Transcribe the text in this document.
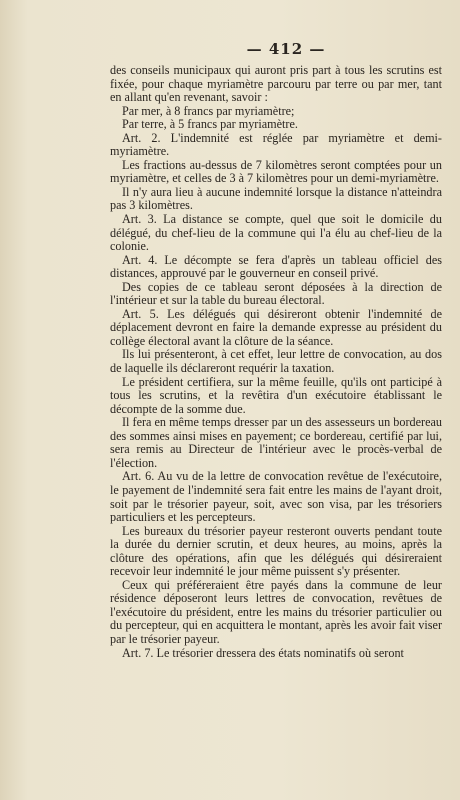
— 412 —

des conseils municipaux qui auront pris part à tous les scrutins est fixée, pour chaque myriamètre parcouru par terre ou par mer, tant en allant qu'en revenant, savoir :

Par mer, à 8 francs par myriamètre;

Par terre, à 5 francs par myriamètre.

Art. 2. L'indemnité est réglée par myriamètre et demi-myriamètre.

Les fractions au-dessus de 7 kilomètres seront comptées pour un myriamètre, et celles de 3 à 7 kilomètres pour un demi-myriamètre.

Il n'y aura lieu à aucune indemnité lorsque la distance n'atteindra pas 3 kilomètres.

Art. 3. La distance se compte, quel que soit le domicile du délégué, du chef-lieu de la commune qui l'a élu au chef-lieu de la colonie.

Art. 4. Le décompte se fera d'après un tableau officiel des distances, approuvé par le gouverneur en conseil privé.

Des copies de ce tableau seront déposées à la direction de l'intérieur et sur la table du bureau électoral.

Art. 5. Les délégués qui désireront obtenir l'indemnité de déplacement devront en faire la demande expresse au président du collège électoral avant la clôture de la séance.

Ils lui présenteront, à cet effet, leur lettre de convocation, au dos de laquelle ils déclareront requérir la taxation.

Le président certifiera, sur la même feuille, qu'ils ont participé à tous les scrutins, et la revêtira d'un exécutoire établissant le décompte de la somme due.

Il fera en même temps dresser par un des assesseurs un bordereau des sommes ainsi mises en payement; ce bordereau, certifié par lui, sera remis au Directeur de l'intérieur avec le procès-verbal de l'élection.

Art. 6. Au vu de la lettre de convocation revêtue de l'exécutoire, le payement de l'indemnité sera fait entre les mains de l'ayant droit, soit par le trésorier payeur, soit, avec son visa, par les trésoriers particuliers et les percepteurs.

Les bureaux du trésorier payeur resteront ouverts pendant toute la durée du dernier scrutin, et deux heures, au moins, après la clôture des opérations, afin que les délégués qui désireraient recevoir leur indemnité le jour même puissent s'y présenter.

Ceux qui préféreraient être payés dans la commune de leur résidence déposeront leurs lettres de convocation, revêtues de l'exécutoire du président, entre les mains du trésorier particulier ou du percepteur, qui en acquittera le montant, après les avoir fait viser par le trésorier payeur.

Art. 7. Le trésorier dressera des états nominatifs où seront
